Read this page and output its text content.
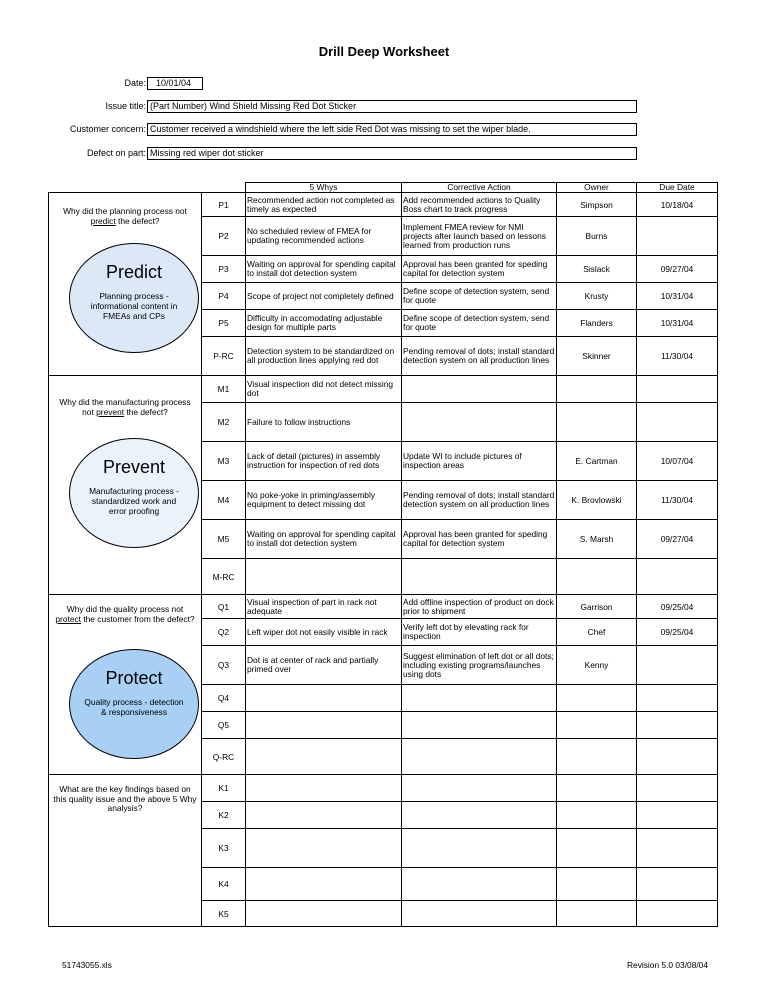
Drill Deep Worksheet
Date:	10/01/04
Issue title: (Part Number) Wind Shield Missing Red Dot Sticker
Customer concern: Customer received a windshield where the left side Red Dot was missing to set the wiper blade.
Defect on part: Missing red wiper dot sticker
		5 Whys	Corrective Action	Owner	Due Date

Why did the planning process not predict the defect?
Predict
Planning process - informational content in FMEAs and CPs	P1	Recommended action not completed as timely as expected	Add recommended actions to Quality Boss chart to track progress	Simpson	10/18/04
	P2	No scheduled review of FMEA for updating recommended actions	Implement FMEA review for NMI projects after launch based on lessons learned from production runs	Burns	
	P3	Waiting on approval for spending capital to install dot detection system	Approval has been granted for speding capital for detection system	Sislack	09/27/04
	P4	Scope of project not completely defined	Define scope of detection system, send for quote	Krusty	10/31/04
	P5	Difficulty in accomodating adjustable design for multiple parts	Define scope of detection system, send for quote	Flanders	10/31/04
	P-RC	Detection system to be standardized on all production lines applying red dot	Pending removal of dots; install standard detection system on all production lines	Skinner	11/30/04

Why did the manufacturing process not prevent the defect?
Prevent
Manufacturing process - standardized work and error proofing	M1	Visual inspection did not detect missing dot			
	M2	Failure to follow instructions			
	M3	Lack of detail (pictures) in assembly instruction for inspection of red dots	Update WI to include pictures of inspection areas	E. Cartman	10/07/04
	M4	No poke-yoke in priming/assembly equipment to detect missing dot	Pending removal of dots; install standard detection system on all production lines	K. Brovlowski	11/30/04
	M5	Waiting on approval for spending capital to install dot detection system	Approval has been granted for speding capital for detection system	S. Marsh	09/27/04
	M-RC				

Why did the quality process not protect the customer from the defect?
Protect
Quality process - detection & responsiveness	Q1	Visual inspection of part in rack not adequate	Add offline inspection of product on dock prior to shipment	Garrison	09/25/04
	Q2	Left wiper dot not easily visible in rack	Verify left dot by elevating rack for inspection	Chef	09/25/04
	Q3	Dot is at center of rack and partially primed over	Suggest elimination of left dot or all dots; including existing programs/launches using dots	Kenny	
	Q4				
	Q5				
	Q-RC				

What are the key findings based on this quality issue and the above 5 Why analysis?	K1				
	K2				
	K3				
	K4				
	K5				
51743055.xls	Revision 5.0 03/08/04
